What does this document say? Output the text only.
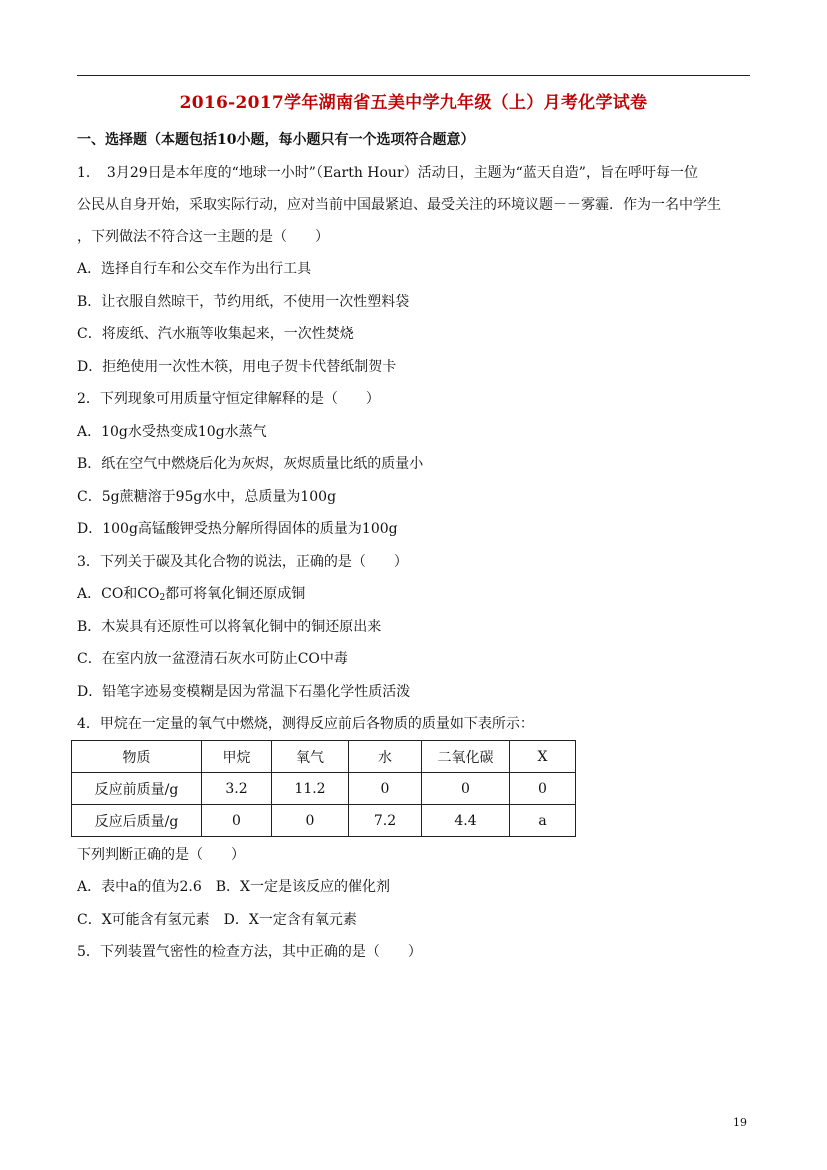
2016-2017学年湖南省五美中学九年级（上）月考化学试卷
一、选择题（本题包括10小题，每小题只有一个选项符合题意）
1．　3月29日是本年度的“地球一小时”（Earth Hour）活动日，主题为“蓝天自造”，旨在呼吁每一位
公民从自身开始，采取实际行动，应对当前中国最紧迫、最受关注的环境议题－－雾霾．作为一名中学生
，下列做法不符合这一主题的是（　　）
A．选择自行车和公交车作为出行工具
B．让衣服自然晾干，节约用纸，不使用一次性塑料袋
C．将废纸、汽水瓶等收集起来，一次性焚烧
D．拒绝使用一次性木筷，用电子贺卡代替纸制贺卡
2．下列现象可用质量守恒定律解释的是（　　）
A．10g水受热变成10g水蒸气
B．纸在空气中燃烧后化为灰烬，灰烬质量比纸的质量小
C．5g蔗糖溶于95g水中，总质量为100g
D．100g高锰酸钾受热分解所得固体的质量为100g
3．下列关于碳及其化合物的说法，正确的是（　　）
A．CO和$CO_2$都可将氧化铜还原成铜
B．木炭具有还原性可以将氧化铜中的铜还原出来
C．在室内放一盆澄清石灰水可防止CO中毒
D．铅笔字迹易变模糊是因为常温下石墨化学性质活泼
4．甲烷在一定量的氧气中燃烧，测得反应前后各物质的质量如下表所示：
物质	甲烷	氧气	水	二氧化碳	X
反应前质量/g	3.2	11.2	0	0	0
反应后质量/g	0	0	7.2	4.4	a
下列判断正确的是（　　）
A．表中a的值为2.6　B．X一定是该反应的催化剂
C．X可能含有氢元素　D．X一定含有氧元素
5．下列装置气密性的检查方法，其中正确的是（　　）
19
